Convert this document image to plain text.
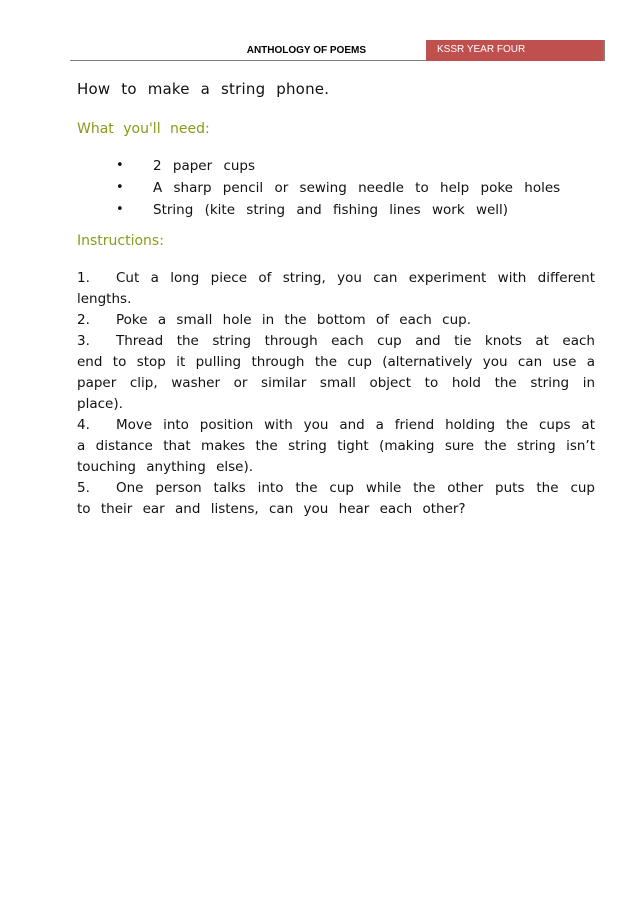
ANTHOLOGY OF POEMS	KSSR YEAR FOUR
How to make a string phone.
What you'll need:
• 2 paper cups
• A sharp pencil or sewing needle to help poke holes
• String (kite string and fishing lines work well)
Instructions:
1. Cut a long piece of string, you can experiment with different lengths.
2. Poke a small hole in the bottom of each cup.
3. Thread the string through each cup and tie knots at each end to stop it pulling through the cup (alternatively you can use a paper clip, washer or similar small object to hold the string in place).
4. Move into position with you and a friend holding the cups at a distance that makes the string tight (making sure the string isn’t touching anything else).
5. One person talks into the cup while the other puts the cup to their ear and listens, can you hear each other?
